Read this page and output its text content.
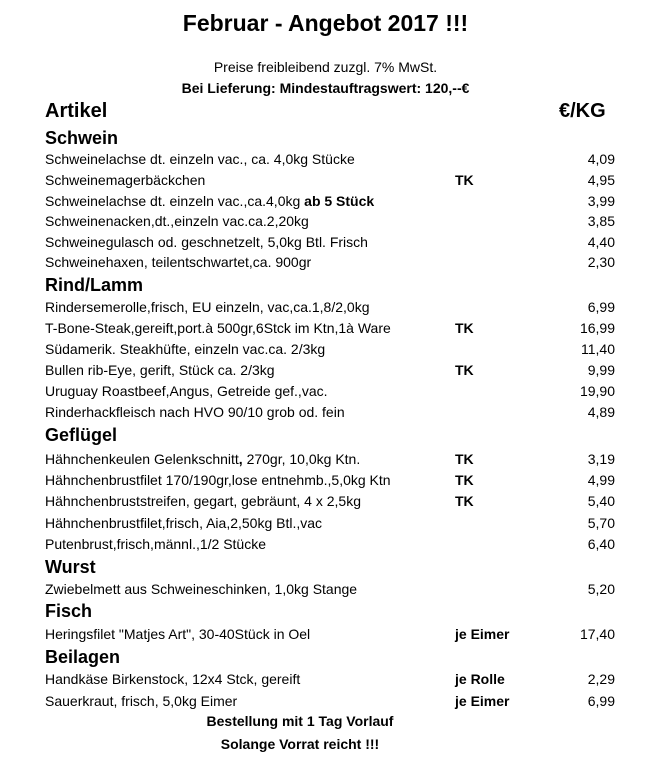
Februar - Angebot 2017 !!!
Preise freibleibend zuzgl. 7% MwSt.
Bei Lieferung: Mindestauftragswert: 120,--€
Artikel	€/KG
Schwein
Schweinelachse dt. einzeln vac., ca. 4,0kg Stücke	4,09
Schweinemagerbäckchen	TK	4,95
Schweinelachse dt. einzeln vac.,ca.4,0kg ab 5 Stück	3,99
Schweinenacken,dt.,einzeln vac.ca.2,20kg	3,85
Schweinegulasch od. geschnetzelt, 5,0kg Btl. Frisch	4,40
Schweinehaxen, teilentschwartet,ca. 900gr	2,30
Rind/Lamm
Rindersemerolle,frisch, EU einzeln, vac,ca.1,8/2,0kg	6,99
T-Bone-Steak,gereift,port.à 500gr,6Stck im Ktn,1à Ware	TK	16,99
Südamerik. Steakhüfte, einzeln vac.ca. 2/3kg	11,40
Bullen rib-Eye, gerift, Stück ca. 2/3kg	TK	9,99
Uruguay Roastbeef,Angus, Getreide gef.,vac.	19,90
Rinderhackfleisch nach HVO 90/10 grob od. fein	4,89
Geflügel
Hähnchenkeulen Gelenkschnitt, 270gr, 10,0kg Ktn.	TK	3,19
Hähnchenbrustfilet 170/190gr,lose entnehmb.,5,0kg Ktn	TK	4,99
Hähnchenbruststreifen, gegart, gebräunt, 4 x 2,5kg	TK	5,40
Hähnchenbrustfilet,frisch, Aia,2,50kg Btl.,vac	5,70
Putenbrust,frisch,männl.,1/2 Stücke	6,40
Wurst
Zwiebelmett aus Schweineschinken, 1,0kg Stange	5,20
Fisch
Heringsfilet "Matjes Art", 30-40Stück in Oel	je Eimer	17,40
Beilagen
Handkäse Birkenstock, 12x4 Stck, gereift	je Rolle	2,29
Sauerkraut, frisch, 5,0kg Eimer	je Eimer	6,99
Bestellung mit 1 Tag Vorlauf
Solange Vorrat reicht !!!
